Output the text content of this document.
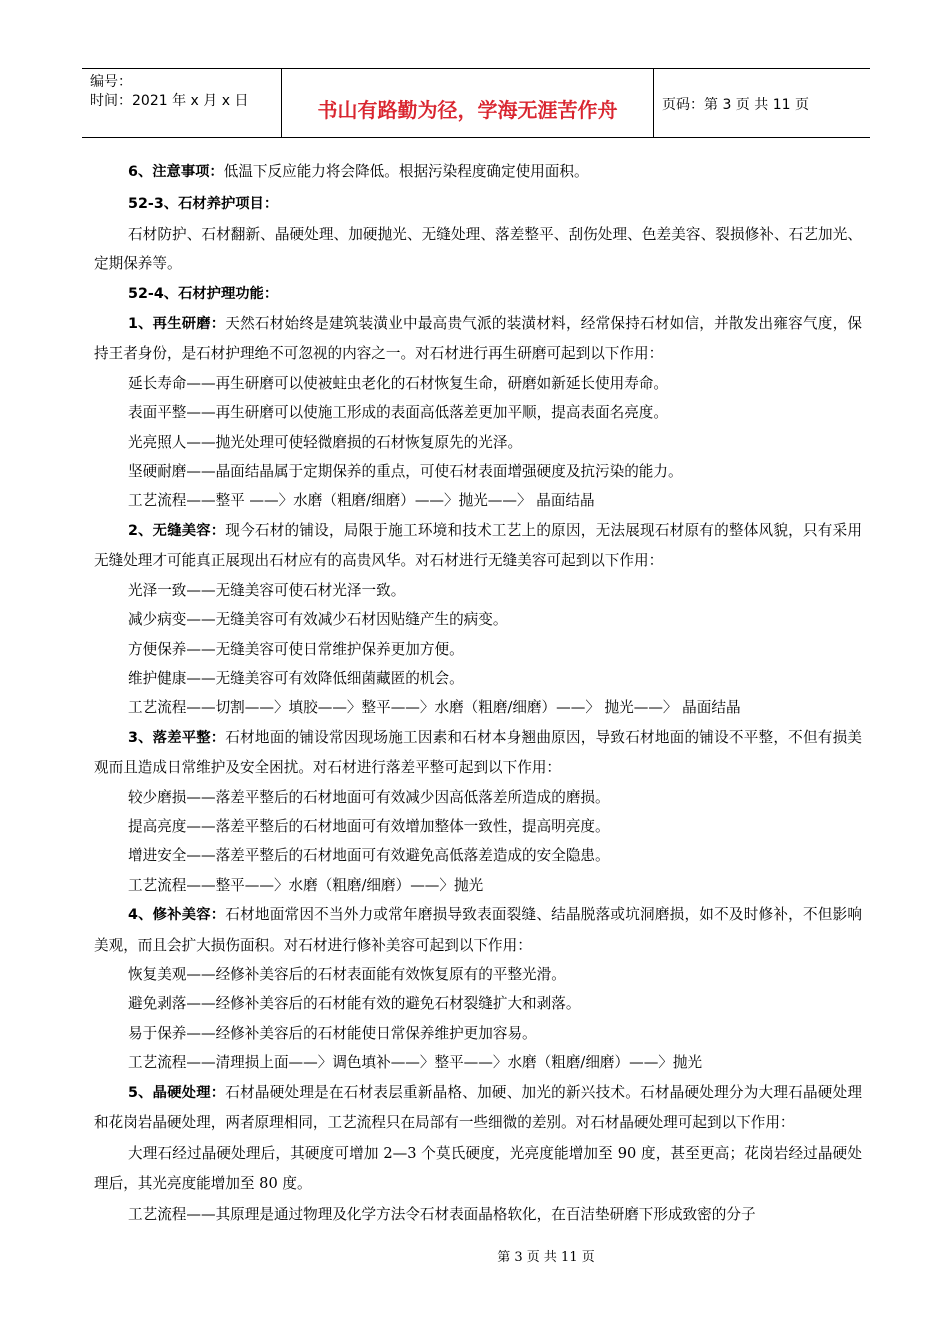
编号：
时间：2021 年 x 月 x 日	书山有路勤为径，学海无涯苦作舟	页码：第 3 页 共 11 页

6、注意事项：低温下反应能力将会降低。根据污染程度确定使用面积。

52-3、石材养护项目：

石材防护、石材翻新、晶硬处理、加硬抛光、无缝处理、落差整平、刮伤处理、色差美容、裂损修补、石艺加光、定期保养等。

52-4、石材护理功能：

1、再生研磨：天然石材始终是建筑装潢业中最高贵气派的装潢材料，经常保持石材如信，并散发出雍容气度，保持王者身份，是石材护理绝不可忽视的内容之一。对石材进行再生研磨可起到以下作用：

延长寿命——再生研磨可以使被蛀虫老化的石材恢复生命，研磨如新延长使用寿命。

表面平整——再生研磨可以使施工形成的表面高低落差更加平顺，提高表面名亮度。

光亮照人——抛光处理可使轻微磨损的石材恢复原先的光泽。

坚硬耐磨——晶面结晶属于定期保养的重点，可使石材表面增强硬度及抗污染的能力。

工艺流程——整平 ——〉水磨（粗磨/细磨）——〉抛光——〉 晶面结晶

2、无缝美容：现今石材的铺设，局限于施工环境和技术工艺上的原因，无法展现石材原有的整体风貌，只有采用无缝处理才可能真正展现出石材应有的高贵风华。对石材进行无缝美容可起到以下作用：

光泽一致——无缝美容可使石材光泽一致。

减少病变——无缝美容可有效减少石材因贴缝产生的病变。

方便保养——无缝美容可使日常维护保养更加方便。

维护健康——无缝美容可有效降低细菌藏匿的机会。

工艺流程——切割——〉填胶——〉整平——〉水磨（粗磨/细磨）——〉 抛光——〉 晶面结晶

3、落差平整：石材地面的铺设常因现场施工因素和石材本身翘曲原因，导致石材地面的铺设不平整，不但有损美观而且造成日常维护及安全困扰。对石材进行落差平整可起到以下作用：

较少磨损——落差平整后的石材地面可有效减少因高低落差所造成的磨损。

提高亮度——落差平整后的石材地面可有效增加整体一致性，提高明亮度。

增进安全——落差平整后的石材地面可有效避免高低落差造成的安全隐患。

工艺流程——整平——〉水磨（粗磨/细磨）——〉抛光

4、修补美容：石材地面常因不当外力或常年磨损导致表面裂缝、结晶脱落或坑洞磨损，如不及时修补，不但影响美观，而且会扩大损伤面积。对石材进行修补美容可起到以下作用：

恢复美观——经修补美容后的石材表面能有效恢复原有的平整光滑。

避免剥落——经修补美容后的石材能有效的避免石材裂缝扩大和剥落。

易于保养——经修补美容后的石材能使日常保养维护更加容易。

工艺流程——清理损上面——〉调色填补——〉整平——〉水磨（粗磨/细磨）——〉抛光

5、晶硬处理：石材晶硬处理是在石材表层重新晶格、加硬、加光的新兴技术。石材晶硬处理分为大理石晶硬处理和花岗岩晶硬处理，两者原理相同，工艺流程只在局部有一些细微的差别。对石材晶硬处理可起到以下作用：

大理石经过晶硬处理后，其硬度可增加 2—3 个莫氏硬度，光亮度能增加至 90 度，甚至更高；花岗岩经过晶硬处理后，其光亮度能增加至 80 度。

工艺流程——其原理是通过物理及化学方法令石材表面晶格软化，在百洁垫研磨下形成致密的分子

第 3 页 共 11 页
